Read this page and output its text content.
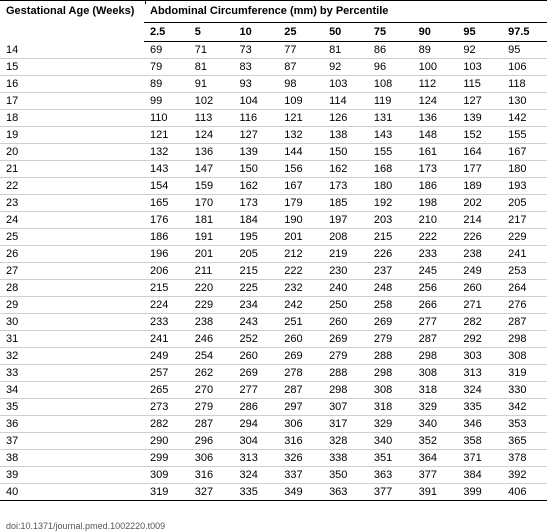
Gestational Age (Weeks)	Abdominal Circumference (mm) by Percentile								
	2.5	5	10	25	50	75	90	95	97.5
14	69	71	73	77	81	86	89	92	95
15	79	81	83	87	92	96	100	103	106
16	89	91	93	98	103	108	112	115	118
17	99	102	104	109	114	119	124	127	130
18	110	113	116	121	126	131	136	139	142
19	121	124	127	132	138	143	148	152	155
20	132	136	139	144	150	155	161	164	167
21	143	147	150	156	162	168	173	177	180
22	154	159	162	167	173	180	186	189	193
23	165	170	173	179	185	192	198	202	205
24	176	181	184	190	197	203	210	214	217
25	186	191	195	201	208	215	222	226	229
26	196	201	205	212	219	226	233	238	241
27	206	211	215	222	230	237	245	249	253
28	215	220	225	232	240	248	256	260	264
29	224	229	234	242	250	258	266	271	276
30	233	238	243	251	260	269	277	282	287
31	241	246	252	260	269	279	287	292	298
32	249	254	260	269	279	288	298	303	308
33	257	262	269	278	288	298	308	313	319
34	265	270	277	287	298	308	318	324	330
35	273	279	286	297	307	318	329	335	342
36	282	287	294	306	317	329	340	346	353
37	290	296	304	316	328	340	352	358	365
38	299	306	313	326	338	351	364	371	378
39	309	316	324	337	350	363	377	384	392
40	319	327	335	349	363	377	391	399	406
doi:10.1371/journal.pmed.1002220.t009
